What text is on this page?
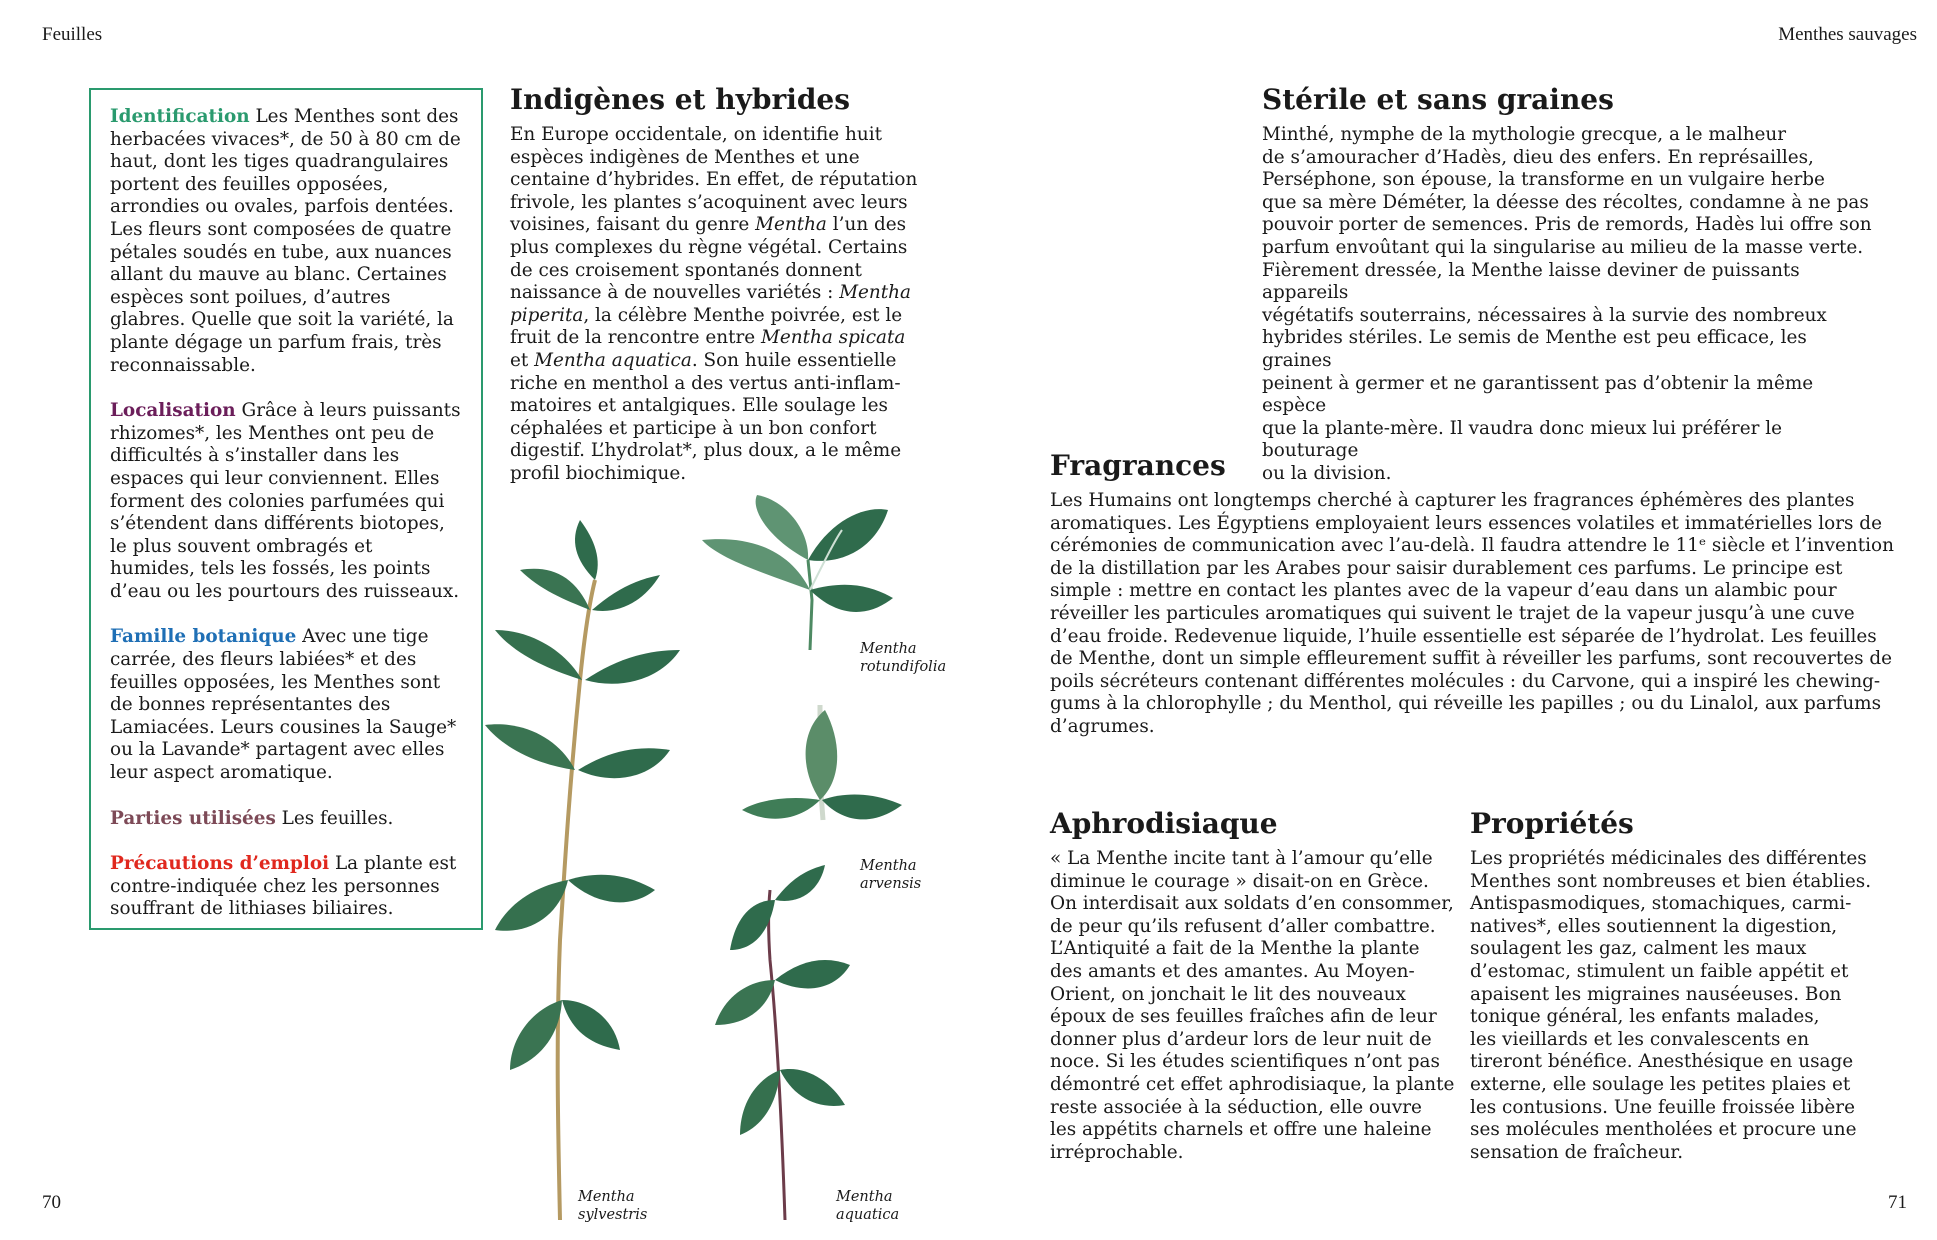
Feuilles	Menthes sauvages
Identification Les Menthes sont des herbacées vivaces*, de 50 à 80 cm de haut, dont les tiges quadrangulaires portent des feuilles opposées, arrondies ou ovales, parfois dentées. Les fleurs sont composées de quatre pétales soudés en tube, aux nuances allant du mauve au blanc. Certaines espèces sont poilues, d’autres glabres. Quelle que soit la variété, la plante dégage un parfum frais, très reconnaissable.
Localisation Grâce à leurs puissants rhizomes*, les Menthes ont peu de difficultés à s’installer dans les espaces qui leur conviennent. Elles forment des colonies parfumées qui s’étendent dans différents biotopes, le plus souvent ombragés et humides, tels les fossés, les points d’eau ou les pourtours des ruisseaux.
Famille botanique Avec une tige carrée, des fleurs labiées* et des feuilles opposées, les Menthes sont de bonnes représentantes des Lamiacées. Leurs cousines la Sauge* ou la Lavande* partagent avec elles leur aspect aromatique.
Parties utilisées Les feuilles.
Précautions d’emploi La plante est contre-indiquée chez les personnes souffrant de lithiases biliaires.
Indigènes et hybrides
En Europe occidentale, on identifie huit
espèces indigènes de Menthes et une
centaine d’hybrides. En effet, de réputation
frivole, les plantes s’acoquinent avec leurs
voisines, faisant du genre Mentha l’un des
plus complexes du règne végétal. Certains
de ces croisement spontanés donnent
naissance à de nouvelles variétés : Mentha
piperita, la célèbre Menthe poivrée, est le
fruit de la rencontre entre Mentha spicata
et Mentha aquatica. Son huile essentielle
riche en menthol a des vertus anti-inflam-
matoires et antalgiques. Elle soulage les
céphalées et participe à un bon confort
digestif. L’hydrolat*, plus doux, a le même
profil biochimique.
Mentha
rotundifolia
Mentha
arvensis
Mentha
sylvestris
Mentha
aquatica
Stérile et sans graines
Minthé, nymphe de la mythologie grecque, a le malheur
de s’amouracher d’Hadès, dieu des enfers. En représailles,
Perséphone, son épouse, la transforme en un vulgaire herbe
que sa mère Déméter, la déesse des récoltes, condamne à ne pas
pouvoir porter de semences. Pris de remords, Hadès lui offre son
parfum envoûtant qui la singularise au milieu de la masse verte.
Fièrement dressée, la Menthe laisse deviner de puissants appareils
végétatifs souterrains, nécessaires à la survie des nombreux
hybrides stériles. Le semis de Menthe est peu efficace, les graines
peinent à germer et ne garantissent pas d’obtenir la même espèce
que la plante-mère. Il vaudra donc mieux lui préférer le bouturage
ou la division.
Fragrances
Les Humains ont longtemps cherché à capturer les fragrances éphémères des plantes
aromatiques. Les Égyptiens employaient leurs essences volatiles et immatérielles lors de
cérémonies de communication avec l’au-delà. Il faudra attendre le 11ᵉ siècle et l’invention
de la distillation par les Arabes pour saisir durablement ces parfums. Le principe est
simple : mettre en contact les plantes avec de la vapeur d’eau dans un alambic pour
réveiller les particules aromatiques qui suivent le trajet de la vapeur jusqu’à une cuve
d’eau froide. Redevenue liquide, l’huile essentielle est séparée de l’hydrolat. Les feuilles
de Menthe, dont un simple effleurement suffit à réveiller les parfums, sont recouvertes de
poils sécréteurs contenant différentes molécules : du Carvone, qui a inspiré les chewing-
gums à la chlorophylle ; du Menthol, qui réveille les papilles ; ou du Linalol, aux parfums
d’agrumes.
Aphrodisiaque
« La Menthe incite tant à l’amour qu’elle
diminue le courage » disait-on en Grèce.
On interdisait aux soldats d’en consommer,
de peur qu’ils refusent d’aller combattre.
L’Antiquité a fait de la Menthe la plante
des amants et des amantes. Au Moyen-
Orient, on jonchait le lit des nouveaux
époux de ses feuilles fraîches afin de leur
donner plus d’ardeur lors de leur nuit de
noce. Si les études scientifiques n’ont pas
démontré cet effet aphrodisiaque, la plante
reste associée à la séduction, elle ouvre
les appétits charnels et offre une haleine
irréprochable.
Propriétés
Les propriétés médicinales des différentes
Menthes sont nombreuses et bien établies.
Antispasmodiques, stomachiques, carmi-
natives*, elles soutiennent la digestion,
soulagent les gaz, calment les maux
d’estomac, stimulent un faible appétit et
apaisent les migraines nauséeuses. Bon
tonique général, les enfants malades,
les vieillards et les convalescents en
tireront bénéfice. Anesthésique en usage
externe, elle soulage les petites plaies et
les contusions. Une feuille froissée libère
ses molécules mentholées et procure une
sensation de fraîcheur.
70	71
